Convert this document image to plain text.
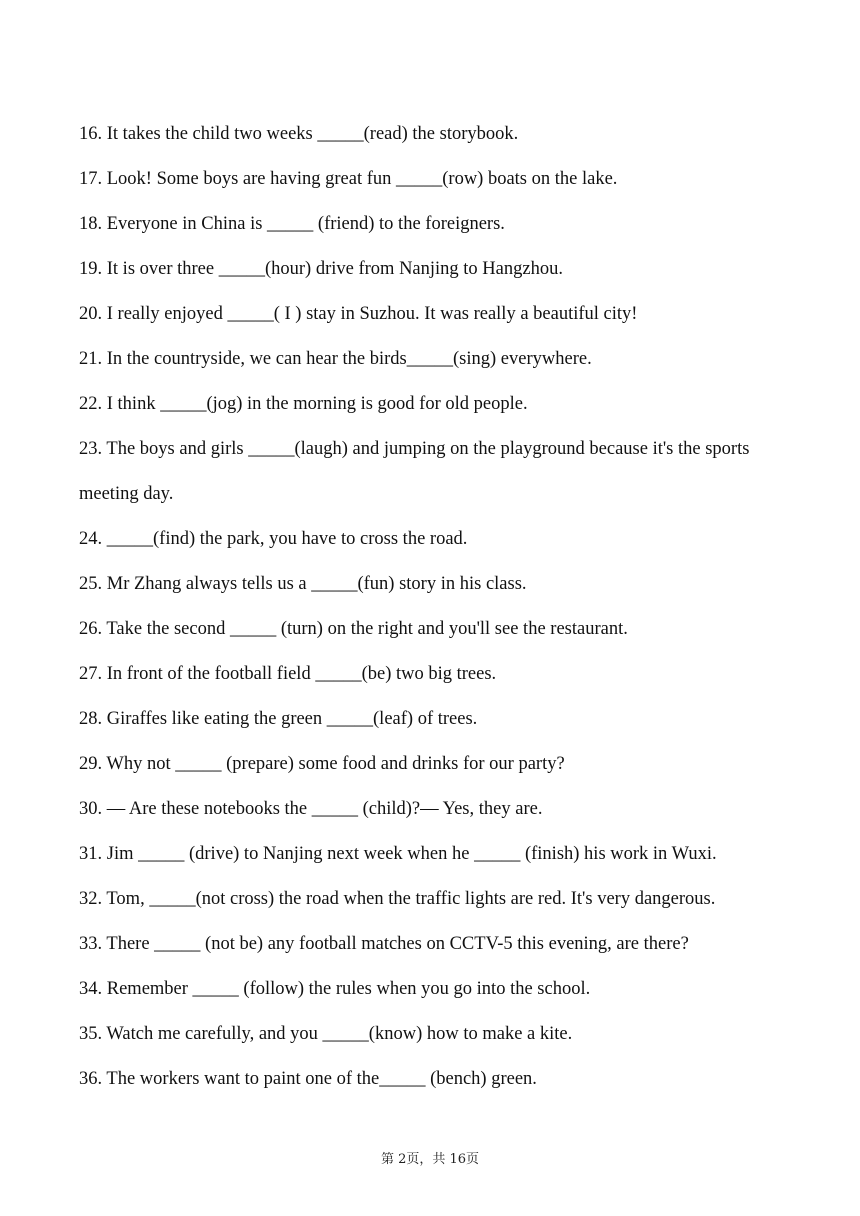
16. It takes the child two weeks _____(read) the storybook.
17. Look! Some boys are having great fun _____(row) boats on the lake.
18. Everyone in China is _____ (friend) to the foreigners.
19. It is over three _____(hour) drive from Nanjing to Hangzhou.
20. I really enjoyed _____( I ) stay in Suzhou. It was really a beautiful city!
21. In the countryside, we can hear the birds_____(sing) everywhere.
22. I think _____(jog) in the morning is good for old people.
23. The boys and girls _____(laugh) and jumping on the playground because it's the sports meeting day.
24. _____(find) the park, you have to cross the road.
25. Mr Zhang always tells us a _____(fun) story in his class.
26. Take the second _____ (turn) on the right and you'll see the restaurant.
27. In front of the football field _____(be) two big trees.
28. Giraffes like eating the green _____(leaf) of trees.
29. Why not _____ (prepare) some food and drinks for our party?
30. — Are these notebooks the _____ (child)?— Yes, they are.
31. Jim _____ (drive) to Nanjing next week when he _____ (finish) his work in Wuxi.
32. Tom, _____(not cross) the road when the traffic lights are red. It's very dangerous.
33. There _____ (not be) any football matches on CCTV-5 this evening, are there?
34. Remember _____ (follow) the rules when you go into the school.
35. Watch me carefully, and you _____(know) how to make a kite.
36. The workers want to paint one of the_____ (bench) green.
第 2页，共 16页
